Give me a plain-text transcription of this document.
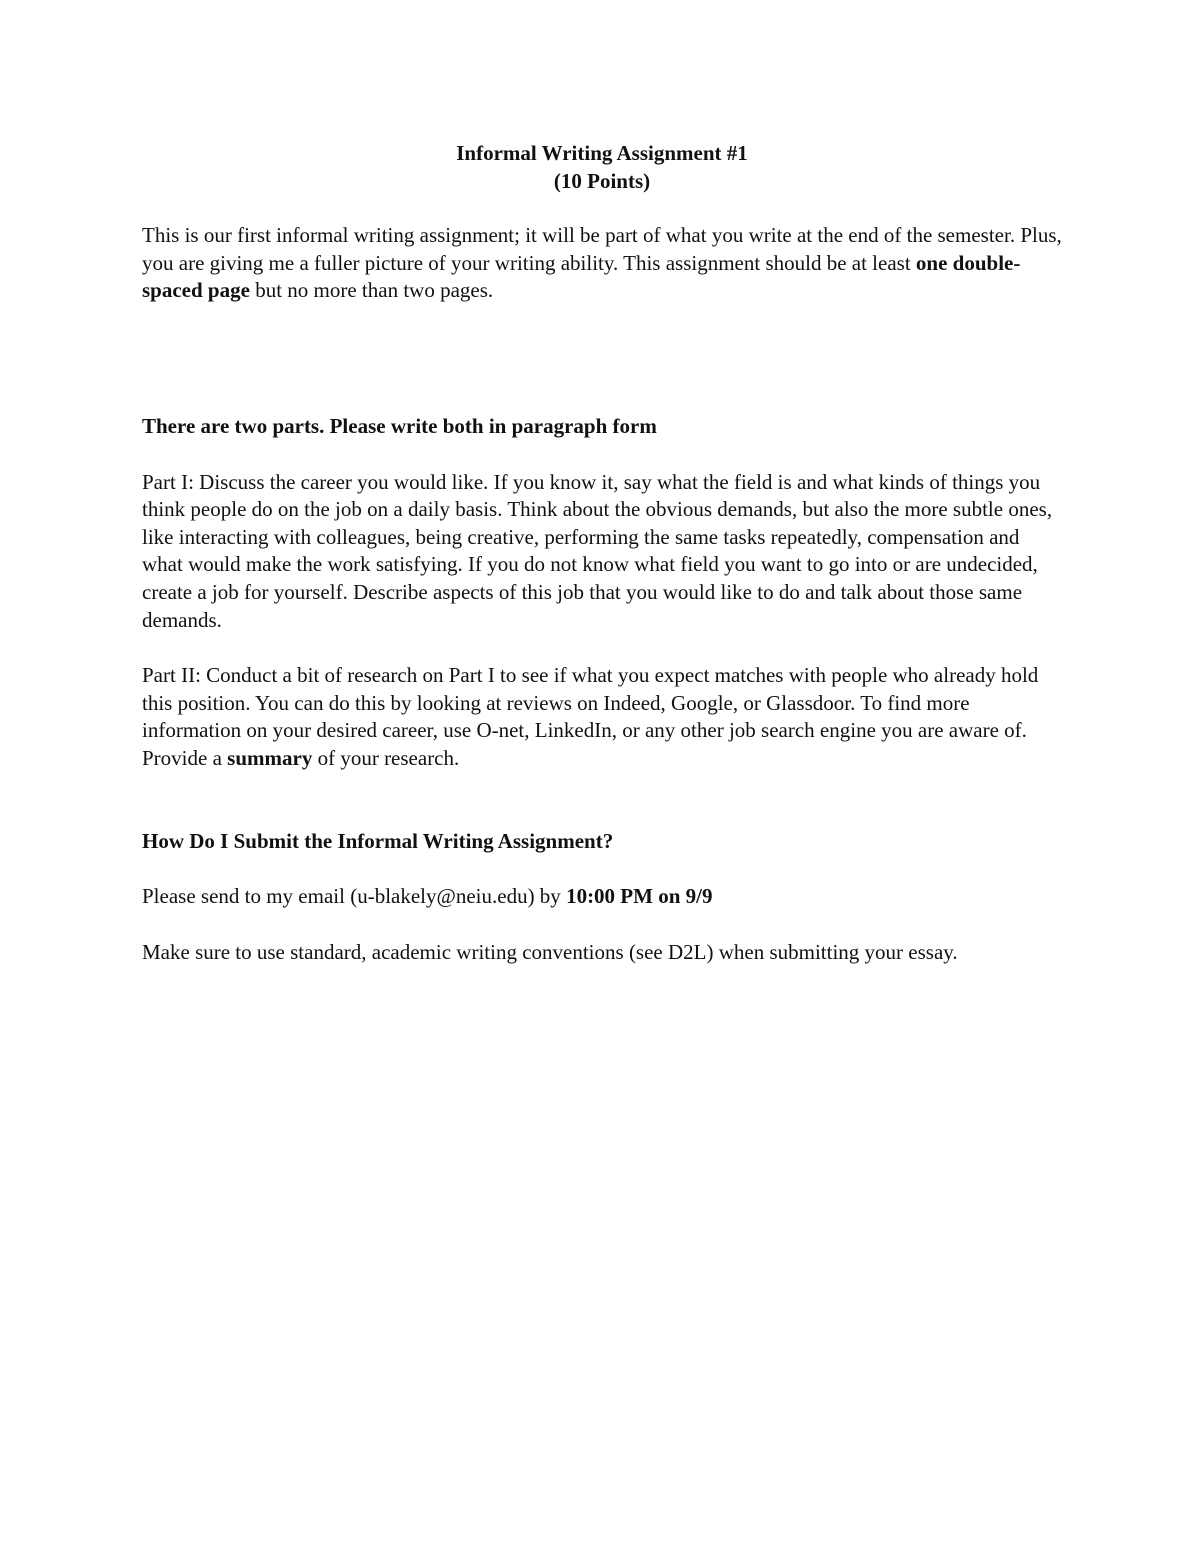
Informal Writing Assignment #1
(10 Points)

This is our first informal writing assignment; it will be part of what you write at the end of the semester. Plus, you are giving me a fuller picture of your writing ability. This assignment should be at least one double-spaced page but no more than two pages.

There are two parts. Please write both in paragraph form

Part I: Discuss the career you would like. If you know it, say what the field is and what kinds of things you think people do on the job on a daily basis. Think about the obvious demands, but also the more subtle ones, like interacting with colleagues, being creative, performing the same tasks repeatedly, compensation and what would make the work satisfying. If you do not know what field you want to go into or are undecided, create a job for yourself. Describe aspects of this job that you would like to do and talk about those same demands.

Part II: Conduct a bit of research on Part I to see if what you expect matches with people who already hold this position. You can do this by looking at reviews on Indeed, Google, or Glassdoor. To find more information on your desired career, use O-net, LinkedIn, or any other job search engine you are aware of. Provide a summary of your research.

How Do I Submit the Informal Writing Assignment?

Please send to my email (u-blakely@neiu.edu) by 10:00 PM on 9/9

Make sure to use standard, academic writing conventions (see D2L) when submitting your essay.
